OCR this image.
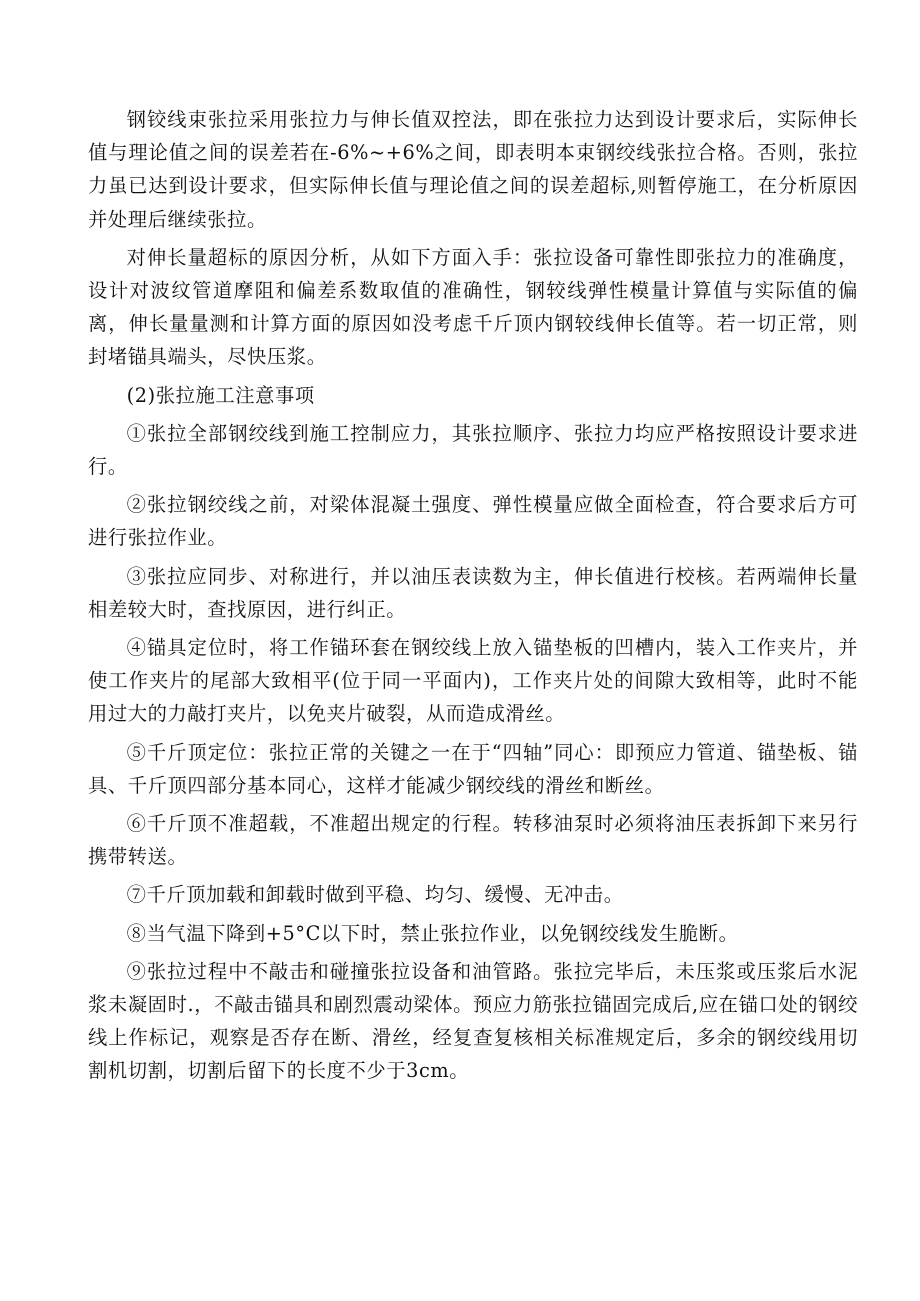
钢铰线束张拉采用张拉力与伸长值双控法，即在张拉力达到设计要求后，实际伸长值与理论值之间的误差若在-6%~+6%之间，即表明本束钢绞线张拉合格。否则，张拉力虽已达到设计要求，但实际伸长值与理论值之间的误差超标,则暂停施工，在分析原因并处理后继续张拉。

对伸长量超标的原因分析，从如下方面入手：张拉设备可靠性即张拉力的准确度，设计对波纹管道摩阻和偏差系数取值的准确性，钢较线弹性模量计算值与实际值的偏离，伸长量量测和计算方面的原因如没考虑千斤顶内钢较线伸长值等。若一切正常，则封堵锚具端头，尽快压浆。

(2)张拉施工注意事项

①张拉全部钢绞线到施工控制应力，其张拉顺序、张拉力均应严格按照设计要求进行。

②张拉钢绞线之前，对梁体混凝土强度、弹性模量应做全面检查，符合要求后方可进行张拉作业。

③张拉应同步、对称进行，并以油压表读数为主，伸长值进行校核。若两端伸长量相差较大时，查找原因，进行纠正。

④锚具定位时，将工作锚环套在钢绞线上放入锚垫板的凹槽内，装入工作夹片，并使工作夹片的尾部大致相平(位于同一平面内)，工作夹片处的间隙大致相等，此时不能用过大的力敲打夹片，以免夹片破裂，从而造成滑丝。

⑤千斤顶定位：张拉正常的关键之一在于“四轴”同心：即预应力管道、锚垫板、锚具、千斤顶四部分基本同心，这样才能减少钢绞线的滑丝和断丝。

⑥千斤顶不准超载，不准超出规定的行程。转移油泵时必须将油压表拆卸下来另行携带转送。

⑦千斤顶加载和卸载时做到平稳、均匀、缓慢、无冲击。

⑧当气温下降到+5°C以下时，禁止张拉作业，以免钢绞线发生脆断。

⑨张拉过程中不敲击和碰撞张拉设备和油管路。张拉完毕后，未压浆或压浆后水泥浆未凝固时.，不敲击锚具和剧烈震动梁体。预应力筋张拉锚固完成后,应在锚口处的钢绞线上作标记，观察是否存在断、滑丝，经复查复核相关标准规定后，多余的钢绞线用切割机切割，切割后留下的长度不少于3cm。
